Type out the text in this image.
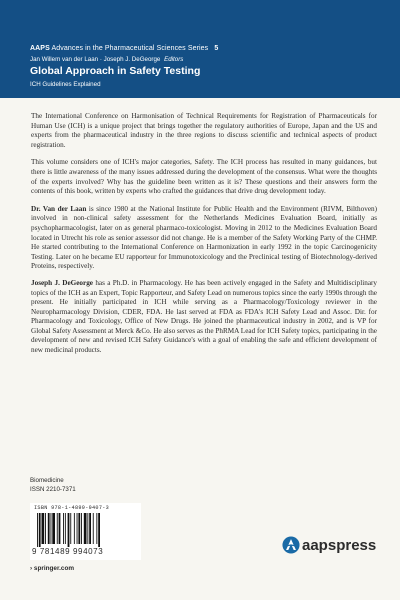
AAPS Advances in the Pharmaceutical Sciences Series 5
Jan Willem van der Laan · Joseph J. DeGeorge Editors
Global Approach in Safety Testing
ICH Guidelines Explained

The International Conference on Harmonisation of Technical Requirements for Registration of Pharmaceuticals for Human Use (ICH) is a unique project that brings together the regulatory authorities of Europe, Japan and the US and experts from the pharmaceutical industry in the three regions to discuss scientific and technical aspects of product registration.

This volume considers one of ICH's major categories, Safety. The ICH process has resulted in many guidances, but there is little awareness of the many issues addressed during the development of the consensus. What were the thoughts of the experts involved? Why has the guideline been written as it is? These questions and their answers form the contents of this book, written by experts who crafted the guidances that drive drug development today.

Dr. Van der Laan is since 1980 at the National Institute for Public Health and the Environment (RIVM, Bilthoven) involved in non-clinical safety assessment for the Netherlands Medicines Evaluation Board, initially as psychopharmacologist, later on as general pharmaco-toxicologist. Moving in 2012 to the Medicines Evaluation Board located in Utrecht his role as senior assessor did not change. He is a member of the Safety Working Party of the CHMP. He started contributing to the International Conference on Harmonization in early 1992 in the topic Carcinogenicity Testing. Later on he became EU rapporteur for Immunotoxicology and the Preclinical testing of Biotechnology-derived Proteins, respectively.

Joseph J. DeGeorge has a Ph.D. in Pharmacology. He has been actively engaged in the Safety and Multidisciplinary topics of the ICH as an Expert, Topic Rapporteur, and Safety Lead on numerous topics since the early 1990s through the present. He initially participated in ICH while serving as a Pharmacology/Toxicology reviewer in the Neuropharmacology Division, CDER, FDA. He last served at FDA as FDA's ICH Safety Lead and Assoc. Dir. for Pharmacology and Toxicology, Office of New Drugs. He joined the pharmaceutical industry in 2002, and is VP for Global Safety Assessment at Merck &Co. He also serves as the PhRMA Lead for ICH Safety topics, participating in the development of new and revised ICH Safety Guidance's with a goal of enabling the safe and efficient development of new medicinal products.

Biomedicine
ISSN 2210-7371
ISBN 978-1-4899-9407-3
9 781489 994073
› springer.com
aapspress
